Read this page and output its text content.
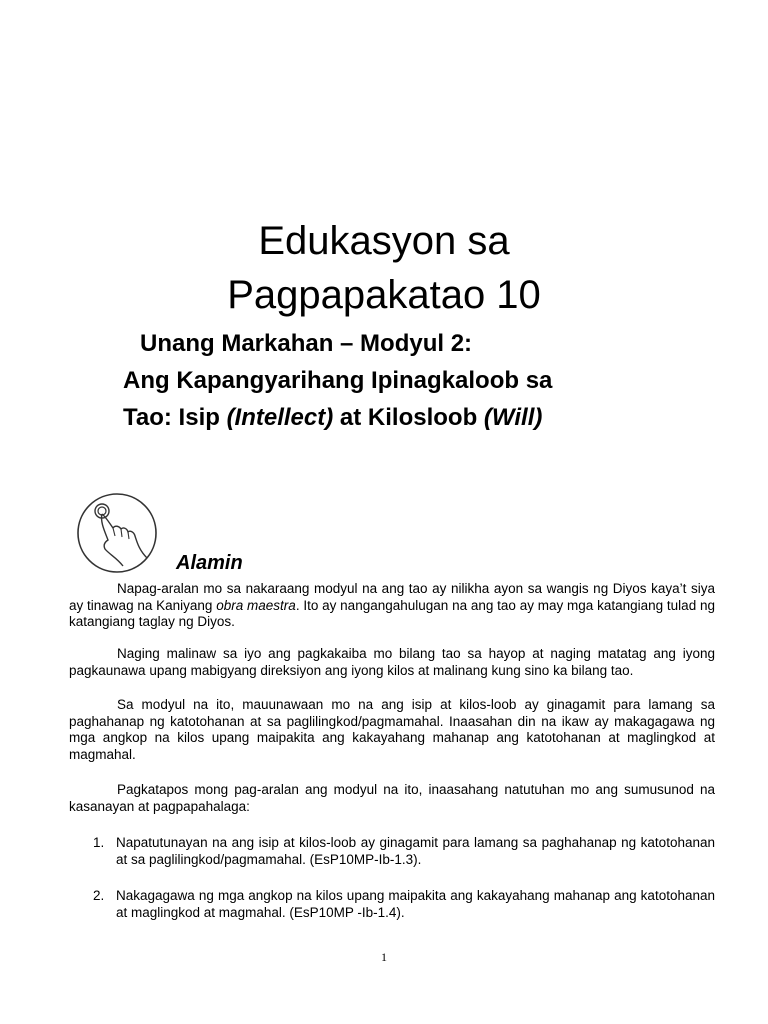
Edukasyon sa

Pagpapakatao 10

Unang Markahan – Modyul 2:

Ang Kapangyarihang Ipinagkaloob sa

Tao: Isip (Intellect) at Kilosloob (Will)

Alamin

Napag-aralan mo sa nakaraang modyul na ang tao ay nilikha ayon sa wangis ng Diyos kaya’t siya ay tinawag na Kaniyang obra maestra. Ito ay nangangahulugan na ang tao ay may mga katangiang tulad ng katangiang taglay ng Diyos.

Naging malinaw sa iyo ang pagkakaiba mo bilang tao sa hayop at naging matatag ang iyong pagkaunawa upang mabigyang direksiyon ang iyong kilos at malinang kung sino ka bilang tao.

Sa modyul na ito, mauunawaan mo na ang isip at kilos-loob ay ginagamit para lamang sa paghahanap ng katotohanan at sa paglilingkod/pagmamahal. Inaasahan din na ikaw ay makagagawa ng mga angkop na kilos upang maipakita ang kakayahang mahanap ang katotohanan at maglingkod at magmahal.

Pagkatapos mong pag-aralan ang modyul na ito, inaasahang natutuhan mo ang sumusunod na kasanayan at pagpapahalaga:

1. Napatutunayan na ang isip at kilos-loob ay ginagamit para lamang sa paghahanap ng katotohanan at sa paglilingkod/pagmamahal. (EsP10MP-Ib-1.3).
2. Nakagagawa ng mga angkop na kilos upang maipakita ang kakayahang mahanap ang katotohanan at maglingkod at magmahal. (EsP10MP -Ib-1.4).
1
